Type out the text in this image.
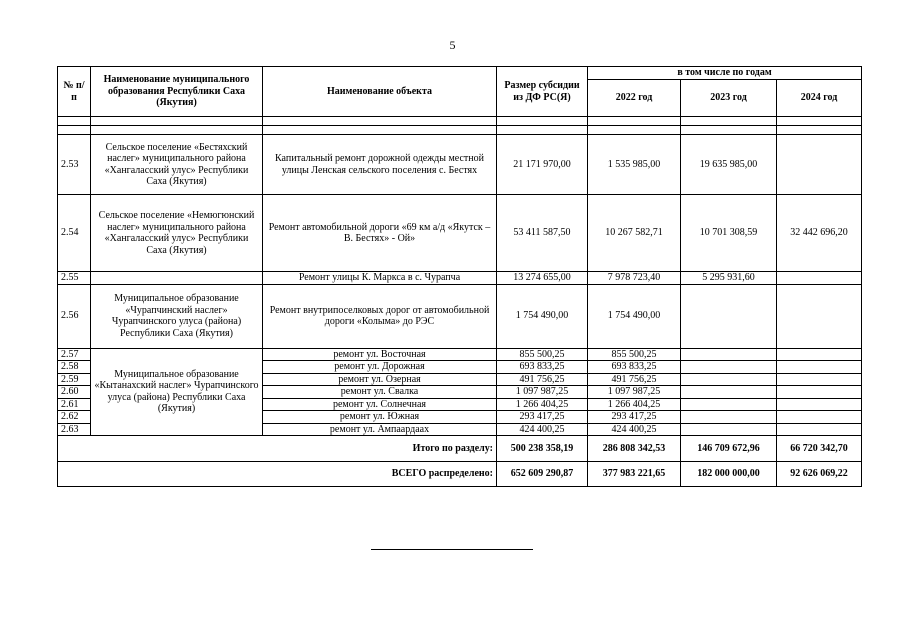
5
№ п/п	Наименование муниципального образования Республики Саха (Якутия)	Наименование объекта	Размер субсидии из ДФ РС(Я)	в том числе по годам		
				2022 год	2023 год	2024 год

2.53	Сельское поселение «Бестяхский наслег» муниципального района «Хангаласский улус» Республики Саха (Якутия)	Капитальный ремонт дорожной одежды местной улицы Ленская сельского поселения с. Бестях	21 171 970,00	1 535 985,00	19 635 985,00	
2.54	Сельское поселение «Немюгюнский наслег» муниципального района «Хангаласский улус» Республики Саха (Якутия)	Ремонт автомобильной дороги «69 км а/д «Якутск – В. Бестях» - Ой»	53 411 587,50	10 267 582,71	10 701 308,59	32 442 696,20
2.55		Ремонт улицы К. Маркса в с. Чурапча	13 274 655,00	7 978 723,40	5 295 931,60	
2.56	Муниципальное образование «Чурапчинский наслег» Чурапчинского улуса (района) Республики Саха (Якутия)	Ремонт внутрипоселковых дорог от автомобильной дороги «Колыма» до РЭС	1 754 490,00	1 754 490,00		
2.57	Муниципальное образование «Кытанахский наслег» Чурапчинского улуса (района) Республики Саха (Якутия)	ремонт ул. Восточная	855 500,25	855 500,25		
2.58		ремонт ул. Дорожная	693 833,25	693 833,25		
2.59		ремонт ул. Озерная	491 756,25	491 756,25		
2.60		ремонт ул. Свалка	1 097 987,25	1 097 987,25		
2.61		ремонт ул. Солнечная	1 266 404,25	1 266 404,25		
2.62		ремонт ул. Южная	293 417,25	293 417,25		
2.63		ремонт ул. Ампаардаах	424 400,25	424 400,25		
Итого по разделу:			500 238 358,19	286 808 342,53	146 709 672,96	66 720 342,70
ВСЕГО распределено:			652 609 290,87	377 983 221,65	182 000 000,00	92 626 069,22
